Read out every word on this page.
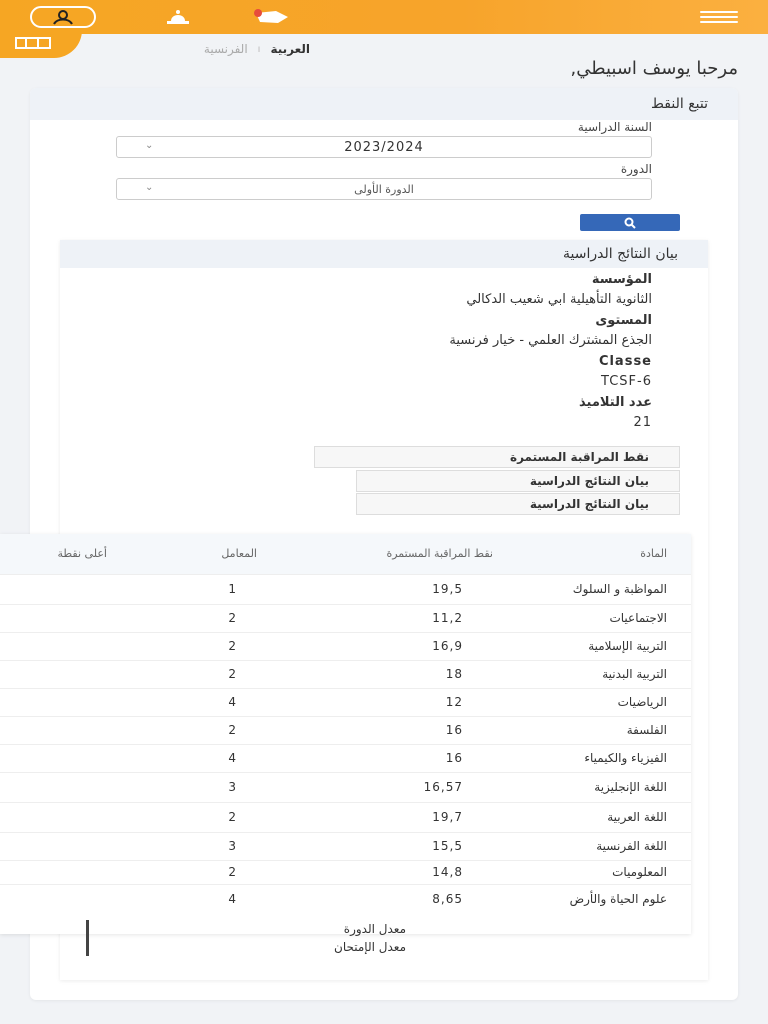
العربية
ı
الفرنسية
مرحبا يوسف اسبيطي,
تتبع النقط
السنة الدراسية
2023/2024
⌄
الدورة
الدورة الأولى
⌄
بيان النتائج الدراسية
المؤسسة
الثانوية التأهيلية ابي شعيب الدكالي
المستوى
الجذع المشترك العلمي - خيار فرنسية
Classe
TCSF-6
عدد التلاميذ
21
نقط المراقبة المستمرة
بيان النتائج الدراسية
بيان النتائج الدراسية
المادة	نقط المراقبة المستمرة	المعامل	أعلى نقطة
المواظبة و السلوك	19,5	1	
الاجتماعيات	11,2	2	
التربية الإسلامية	16,9	2	
التربية البدنية	18	2	
الرياضيات	12	4	
الفلسفة	16	2	
الفيزياء والكيمياء	16	4	
اللغة الإنجليزية	16,57	3	
اللغة العربية	19,7	2	
اللغة الفرنسية	15,5	3	
المعلوميات	14,8	2	
علوم الحياة والأرض	8,65	4	
معدل الدورة
معدل الإمتحان
